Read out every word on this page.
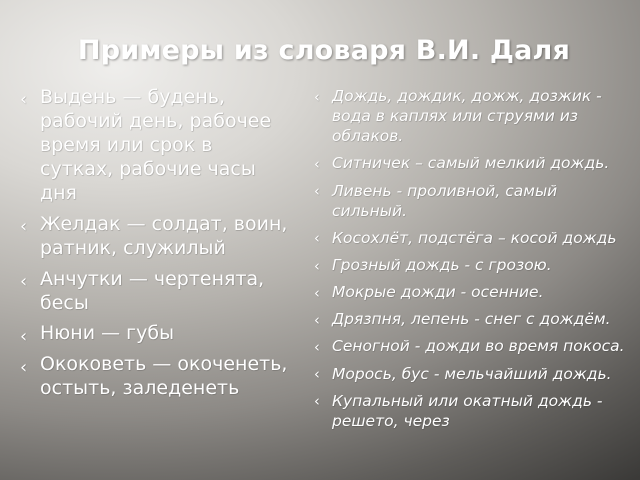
Примеры из словаря В.И. Даля
‹ Выдень — будень, рабочий день, рабочее время или срок в сутках, рабочие часы дня
‹ Желдак — солдат, воин, ратник, служилый
‹ Анчутки — чертенята, бесы
‹ Нюни — губы
‹ Ококоветь — окоченеть, остыть, заледенеть
‹ Дождь, дождик, дожж, дозжик - вода в каплях или струями из облаков.
‹ Ситничек – самый мелкий дождь.
‹ Ливень - проливной, самый сильный.
‹ Косохлёт, подстёга – косой дождь
‹ Грозный дождь - с грозою.
‹ Мокрые дожди - осенние.
‹ Дрязпня, лепень - снег с дождём.
‹ Сеногной - дожди во время покоса.
‹ Морось, бус - мельчайший дождь.
‹ Купальный или окатный дождь - решето, через
